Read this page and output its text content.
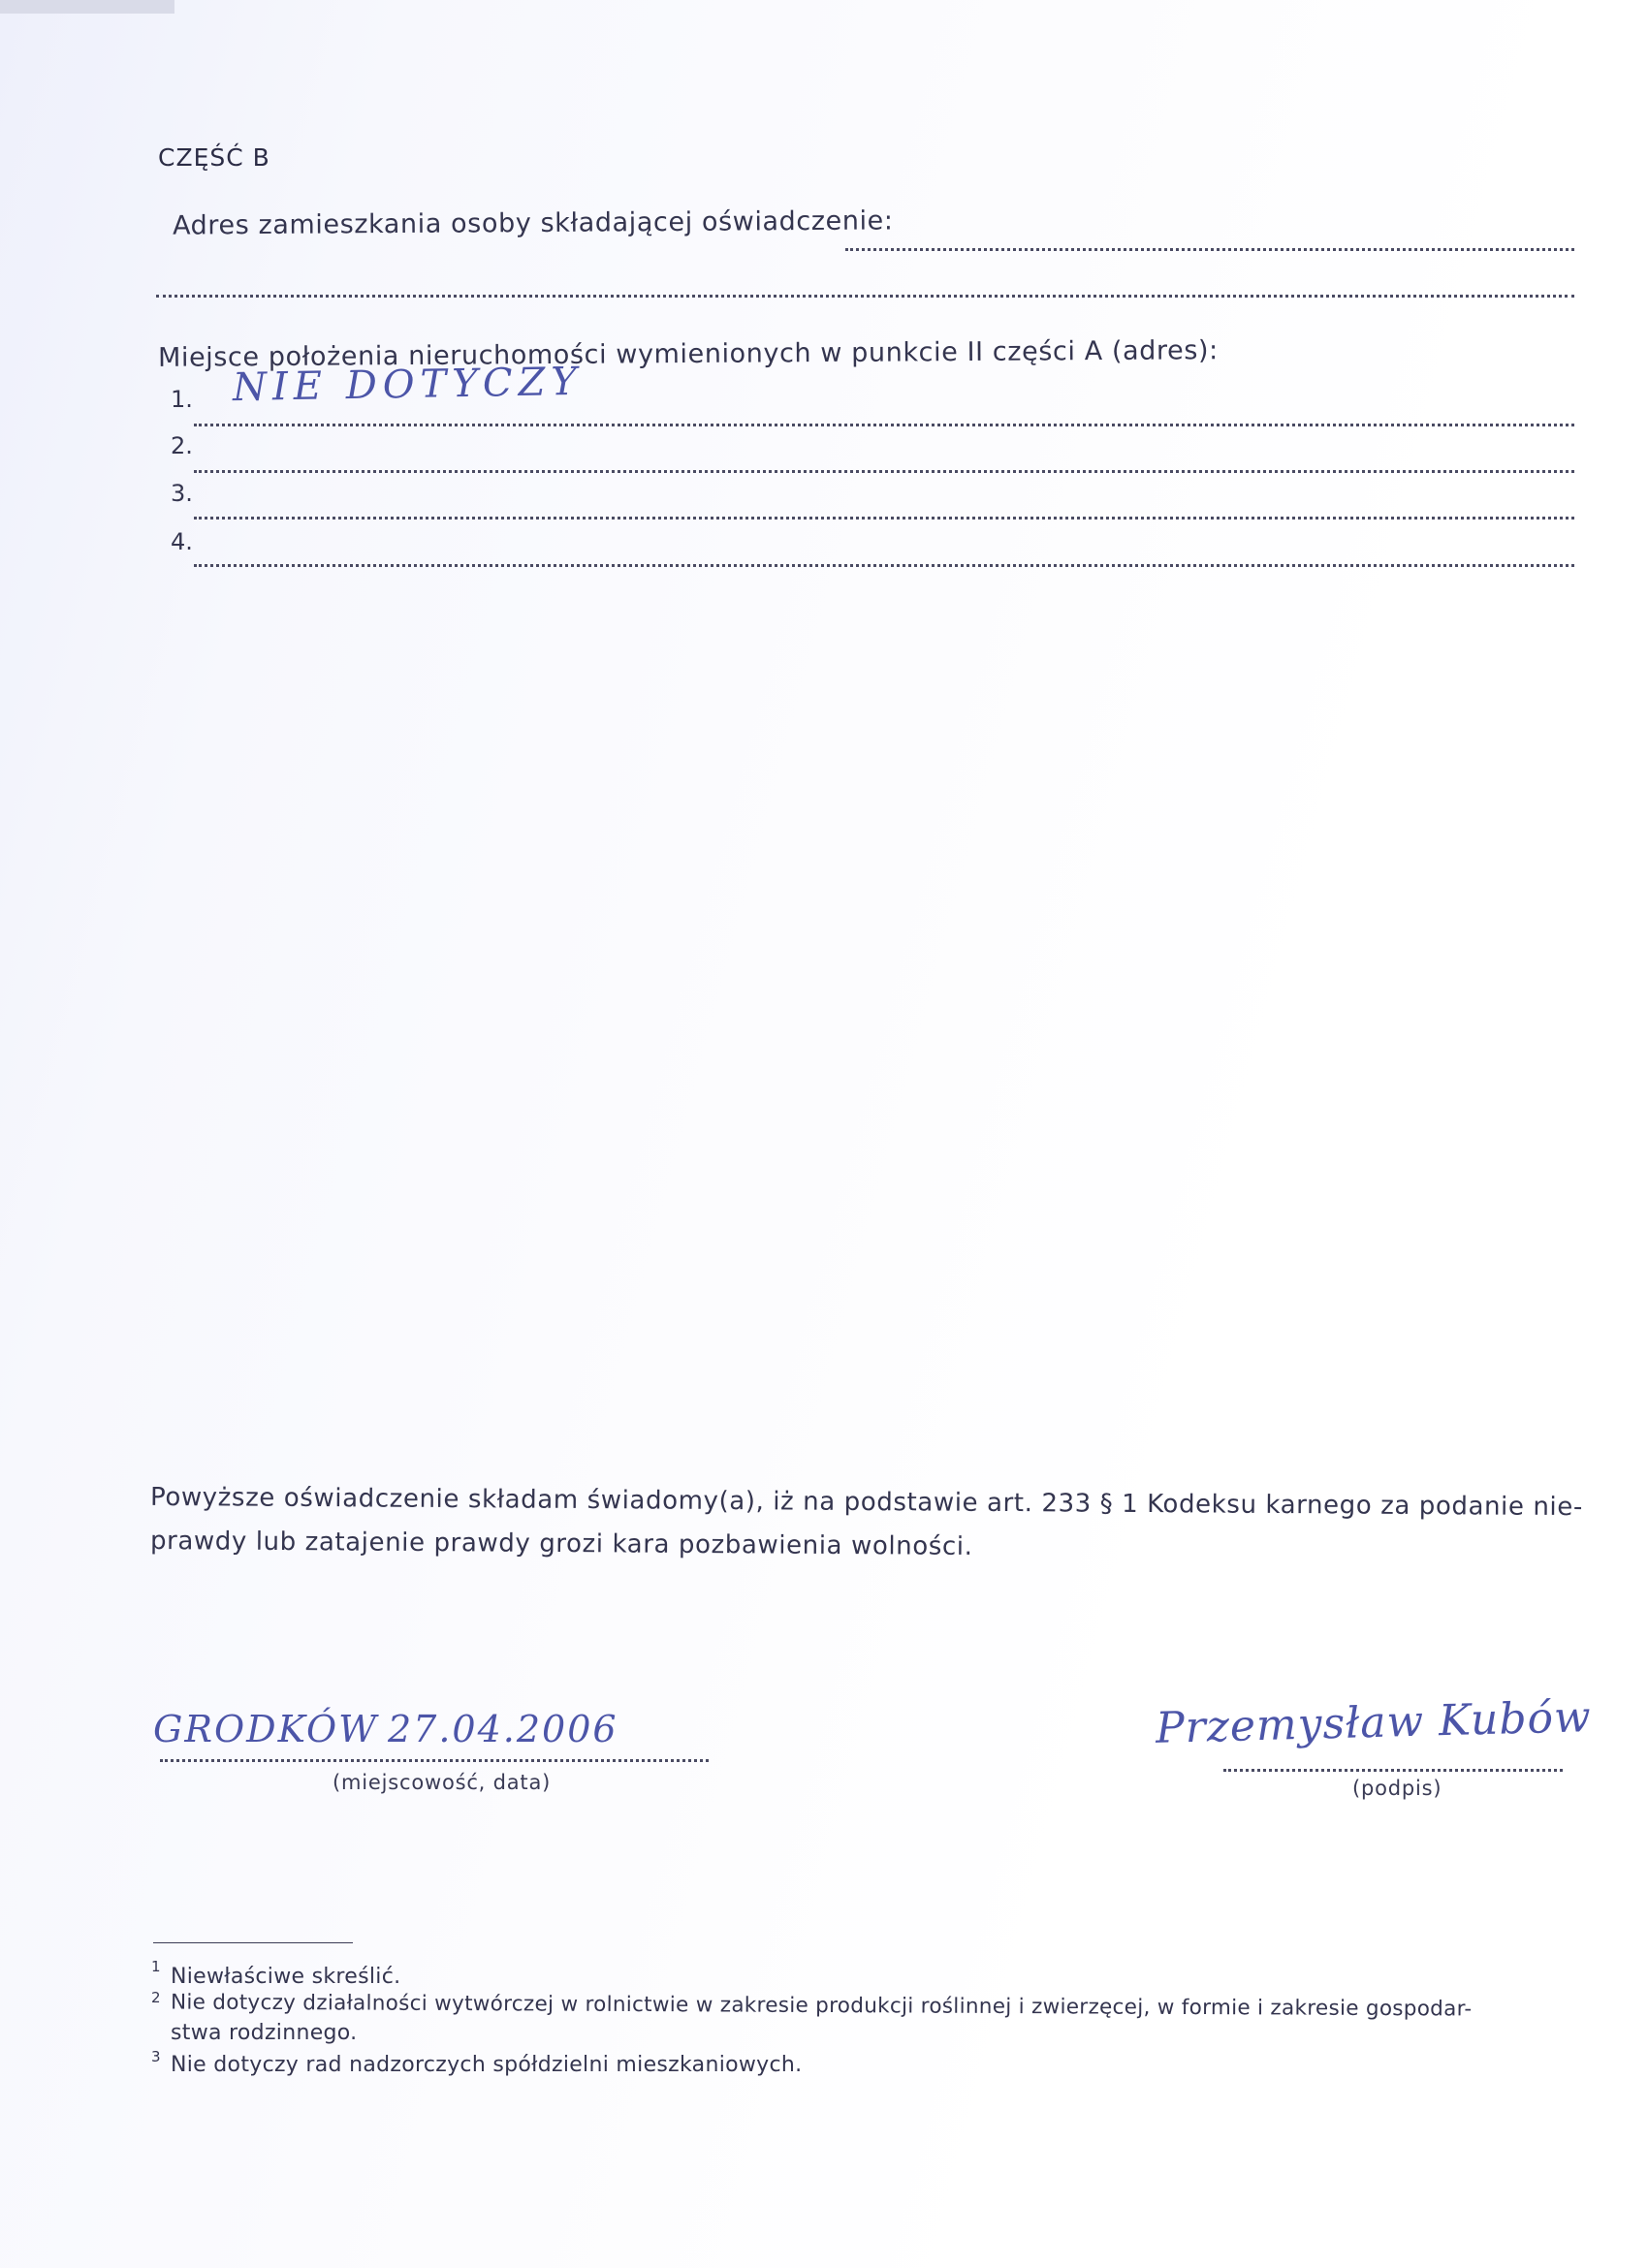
CZĘŚĆ B
Adres zamieszkania osoby składającej oświadczenie:
Miejsce położenia nieruchomości wymienionych w punkcie II części A (adres):
1. NIE DOTYCZY
2.
3.
4.
Powyższe oświadczenie składam świadomy(a), iż na podstawie art. 233 § 1 Kodeksu karnego za podanie nie-
prawdy lub zatajenie prawdy grozi kara pozbawienia wolności.
GRODKÓW 27.04.2006
(miejscowość, data)
Przemysław Kubów
(podpis)
1 Niewłaściwe skreślić.
2 Nie dotyczy działalności wytwórczej w rolnictwie w zakresie produkcji roślinnej i zwierzęcej, w formie i zakresie gospodar-
stwa rodzinnego.
3 Nie dotyczy rad nadzorczych spółdzielni mieszkaniowych.
